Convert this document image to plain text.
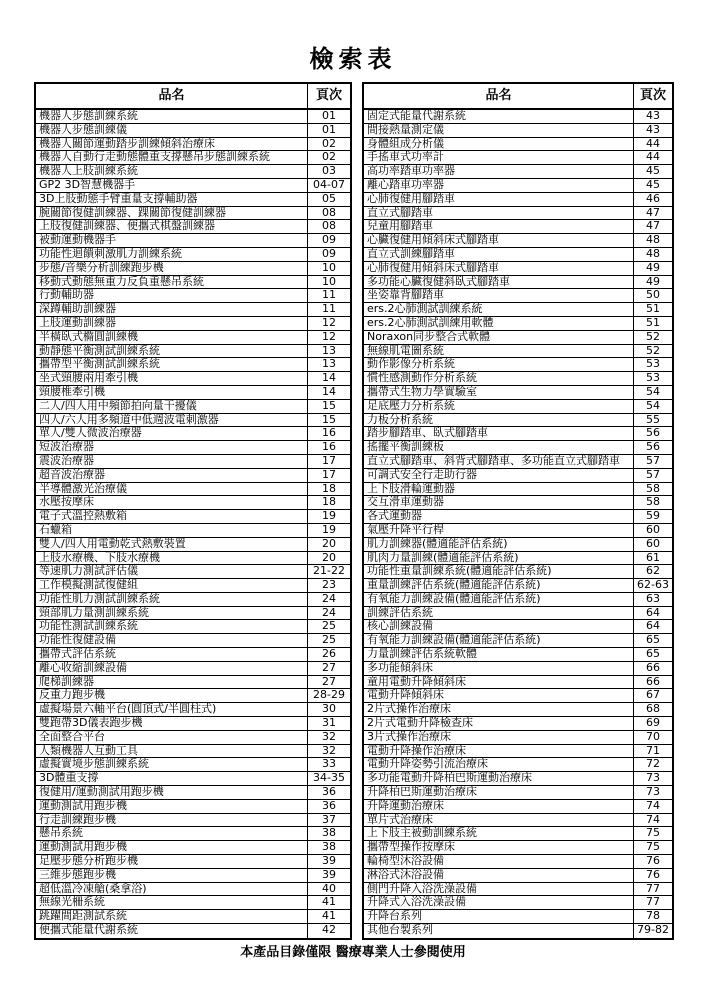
檢索表
品名	頁次
機器人步態訓練系統	01
機器人步態訓練儀	01
機器人關節運動踏步訓練傾斜治療床	02
機器人自動行走動態體重支撐懸吊步態訓練系統	02
機器人上肢訓練系統	03
GP2 3D智慧機器手	04-07
3D上肢動態手臂重量支撐輔助器	05
腕關節復健訓練器、踝關節復健訓練器	08
上肢復健訓練器、便攜式棋盤訓練器	08
被動運動機器手	09
功能性迴饋刺激肌力訓練系統	09
步態/音樂分析訓練跑步機	10
移動式動態無重力反負重懸吊系統	10
行動輔助器	11
深蹲輔助訓練器	11
上肢運動訓練器	12
半橫臥式橢圓訓練機	12
動靜態平衡測試訓練系統	13
攜帶型平衡測試訓練系統	13
坐式頸腰兩用牽引機	14
頸腰椎牽引機	14
二人/四人用中頻節拍向量干擾儀	15
四人/六人用多頻道中低週波電刺激器	15
單人/雙人微波治療器	16
短波治療器	16
震波治療器	17
超音波治療器	17
半導體激光治療儀	18
水壓按摩床	18
電子式溫控熱敷箱	19
石蠟箱	19
雙人/四人用電動乾式熱敷裝置	20
上肢水療機、下肢水療機	20
等速肌力測試評估儀	21-22
工作模擬測試復健組	23
功能性肌力測試訓練系統	24
頸部肌力量測訓練系統	24
功能性測試訓練系統	25
功能性復健設備	25
攜帶式評估系統	26
離心收縮訓練設備	27
爬梯訓練器	27
反重力跑步機	28-29
虛擬場景六軸平台(圓頂式/半圓柱式)	30
雙跑帶3D儀表跑步機	31
全面整合平台	32
人類機器人互動工具	32
虛擬實境步態訓練系統	33
3D體重支撐	34-35
復健用/運動測試用跑步機	36
運動測試用跑步機	36
行走訓練跑步機	37
懸吊系統	38
運動測試用跑步機	38
足壓步態分析跑步機	39
三維步態跑步機	39
超低溫冷凍艙(桑拿浴)	40
無線光柵系統	41
跳躍間距測試系統	41
便攜式能量代謝系統	42
品名	頁次
固定式能量代謝系統	43
間接熱量測定儀	43
身體組成分析儀	44
手搖車式功率計	44
高功率踏車功率器	45
離心踏車功率器	45
心肺復健用腳踏車	46
直立式腳踏車	47
兒童用腳踏車	47
心臟復健用傾斜床式腳踏車	48
直立式訓練腳踏車	48
心肺復健用傾斜床式腳踏車	49
多功能心臟復健斜臥式腳踏車	49
坐姿靠背腳踏車	50
ers.2心肺測試訓練系統	51
ers.2心肺測試訓練用軟體	51
Noraxon同步整合式軟體	52
無線肌電圖系統	52
動作影像分析系統	53
慣性感測動作分析系統	53
攜帶式生物力學實驗室	54
足底壓力分析系統	54
力板分析系統	55
踏步腳踏車、臥式腳踏車	56
搖擺平衡訓練板	56
直立式腳踏車、斜背式腳踏車、多功能直立式腳踏車	57
可調式安全行走助行器	57
上下肢滑輪運動器	58
交互滑車運動器	58
各式運動器	59
氣壓升降平行桿	60
肌力訓練器(體適能評估系統)	60
肌肉力量訓練(體適能評估系統)	61
功能性重量訓練系統(體適能評估系統)	62
重量訓練評估系統(體適能評估系統)	62-63
有氧能力訓練設備(體適能評估系統)	63
訓練評估系統	64
核心訓練設備	64
有氧能力訓練設備(體適能評估系統)	65
力量訓練評估系統軟體	65
多功能傾斜床	66
童用電動升降傾斜床	66
電動升降傾斜床	67
2片式操作治療床	68
2片式電動升降檢查床	69
3片式操作治療床	70
電動升降操作治療床	71
電動升降姿勢引流治療床	72
多功能電動升降柏巴斯運動治療床	73
升降柏巴斯運動治療床	73
升降運動治療床	74
單片式治療床	74
上下肢主被動訓練系統	75
攜帶型操作按摩床	75
輪椅型沐浴設備	76
淋浴式沐浴設備	76
側門升降入浴洗澡設備	77
升降式入浴洗澡設備	77
升降台系列	78
其他台製系列	79-82
本產品目錄僅限 醫療專業人士參閱使用
